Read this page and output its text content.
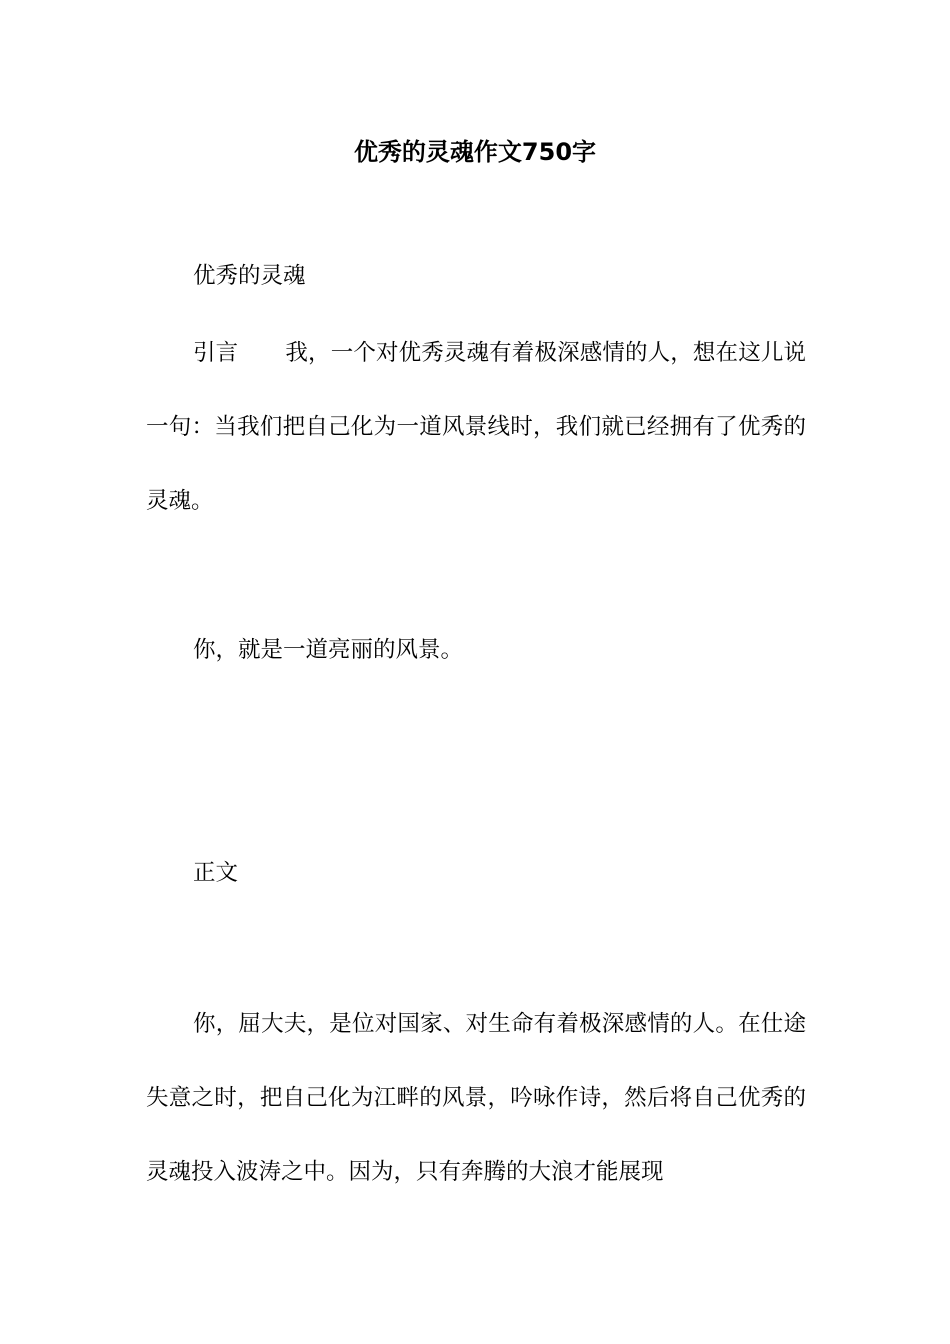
优秀的灵魂作文750字

优秀的灵魂

引言 我，一个对优秀灵魂有着极深感情的人，想在这儿说一句：当我们把自己化为一道风景线时，我们就已经拥有了优秀的灵魂。

你，就是一道亮丽的风景。

正文

你，屈大夫，是位对国家、对生命有着极深感情的人。在仕途失意之时，把自己化为江畔的风景，吟咏作诗，然后将自己优秀的灵魂投入波涛之中。因为，只有奔腾的大浪才能展现
